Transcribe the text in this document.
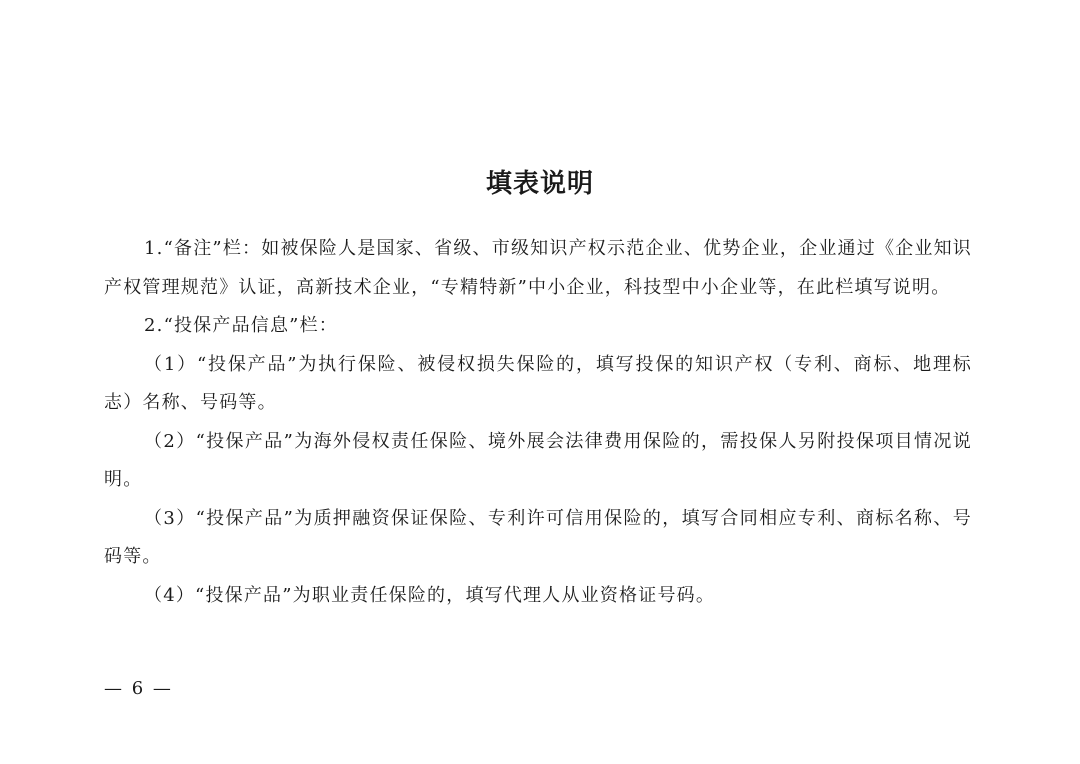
填表说明

1.“备注”栏：如被保险人是国家、省级、市级知识产权示范企业、优势企业，企业通过《企业知识产权管理规范》认证，高新技术企业，“专精特新”中小企业，科技型中小企业等，在此栏填写说明。

2.“投保产品信息”栏：

（1）“投保产品”为执行保险、被侵权损失保险的，填写投保的知识产权（专利、商标、地理标志）名称、号码等。

（2）“投保产品”为海外侵权责任保险、境外展会法律费用保险的，需投保人另附投保项目情况说明。

（3）“投保产品”为质押融资保证保险、专利许可信用保险的，填写合同相应专利、商标名称、号码等。

（4）“投保产品”为职业责任保险的，填写代理人从业资格证号码。

— 6 —
